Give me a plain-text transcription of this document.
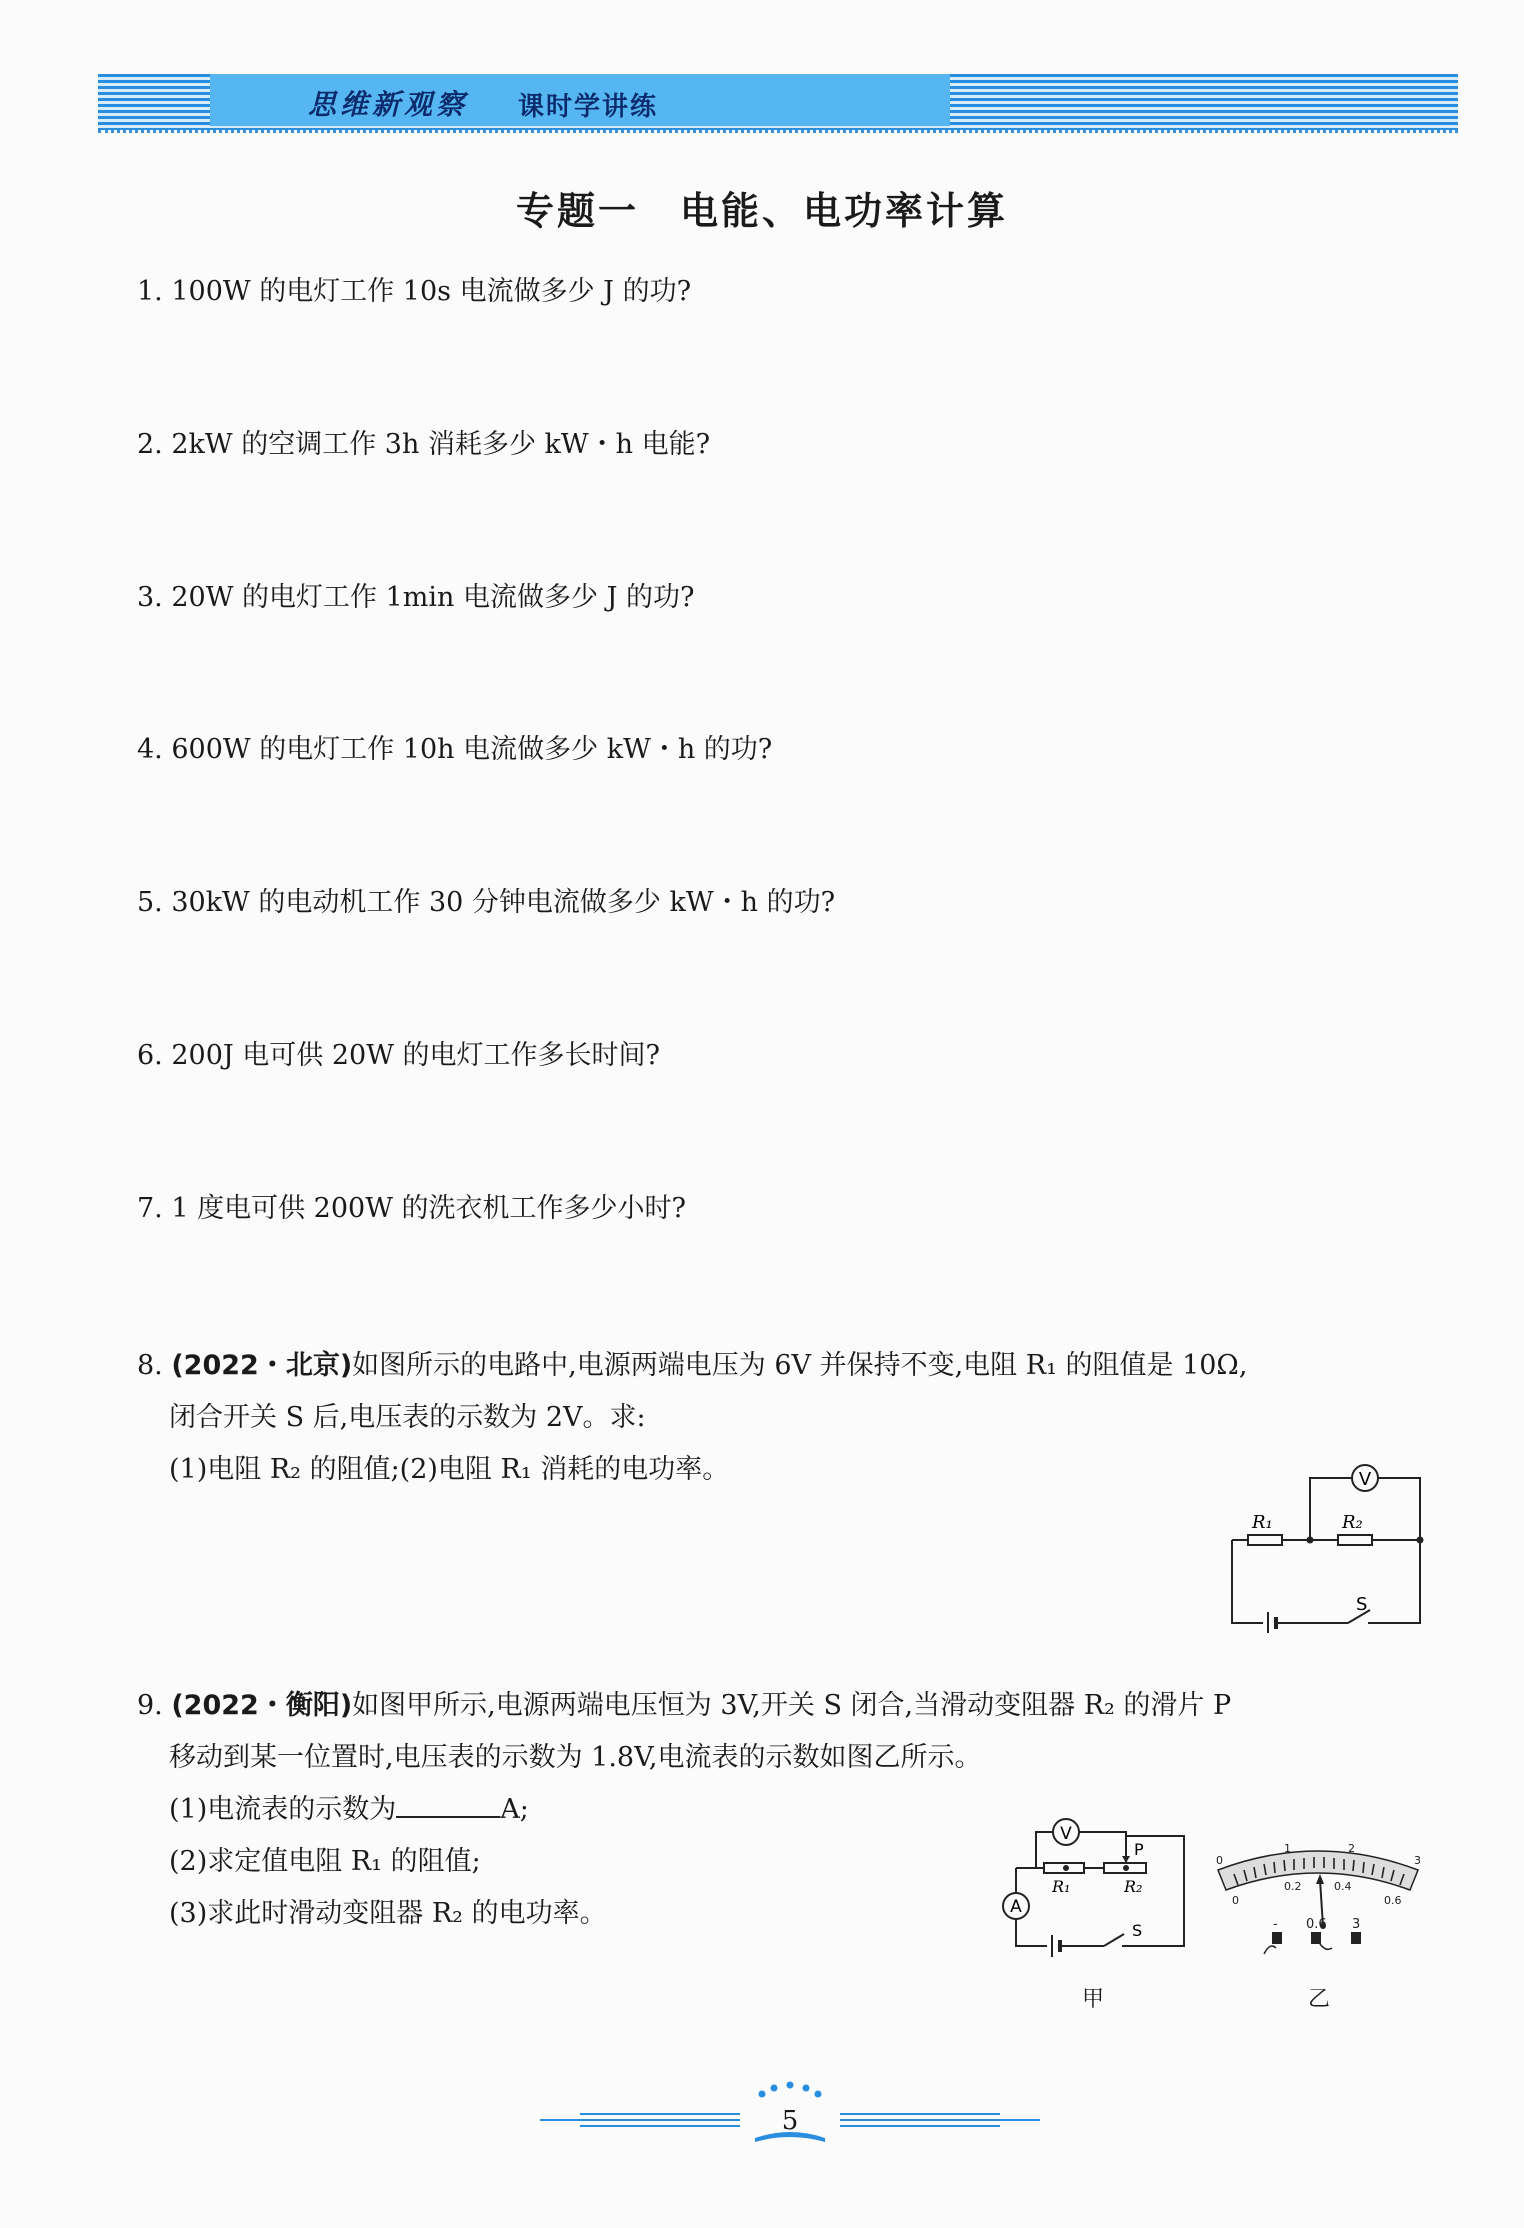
思维新观察 课时学讲练
专题一　电能、电功率计算
1. 100W 的电灯工作 10s 电流做多少 J 的功?
2. 2kW 的空调工作 3h 消耗多少 kW・h 电能?
3. 20W 的电灯工作 1min 电流做多少 J 的功?
4. 600W 的电灯工作 10h 电流做多少 kW・h 的功?
5. 30kW 的电动机工作 30 分钟电流做多少 kW・h 的功?
6. 200J 电可供 20W 的电灯工作多长时间?
7. 1 度电可供 200W 的洗衣机工作多少小时?
8. (2022・北京)如图所示的电路中,电源两端电压为 6V 并保持不变,电阻 R₁ 的阻值是 10Ω,
闭合开关 S 后,电压表的示数为 2V。求:
(1)电阻 R₂ 的阻值;(2)电阻 R₁ 消耗的电功率。	V
R₁	R₂
S
9. (2022・衡阳)如图甲所示,电源两端电压恒为 3V,开关 S 闭合,当滑动变阻器 R₂ 的滑片 P
移动到某一位置时,电压表的示数为 1.8V,电流表的示数如图乙所示。
(1)电流表的示数为	A;
(2)求定值电阻 R₁ 的阻值;
(3)求此时滑动变阻器 R₂ 的电功率。
V
A
R₁	R₂
P
S
甲
0
1	2
3
0
0.2	0.4
0.6
- 0.6 3
乙
5
